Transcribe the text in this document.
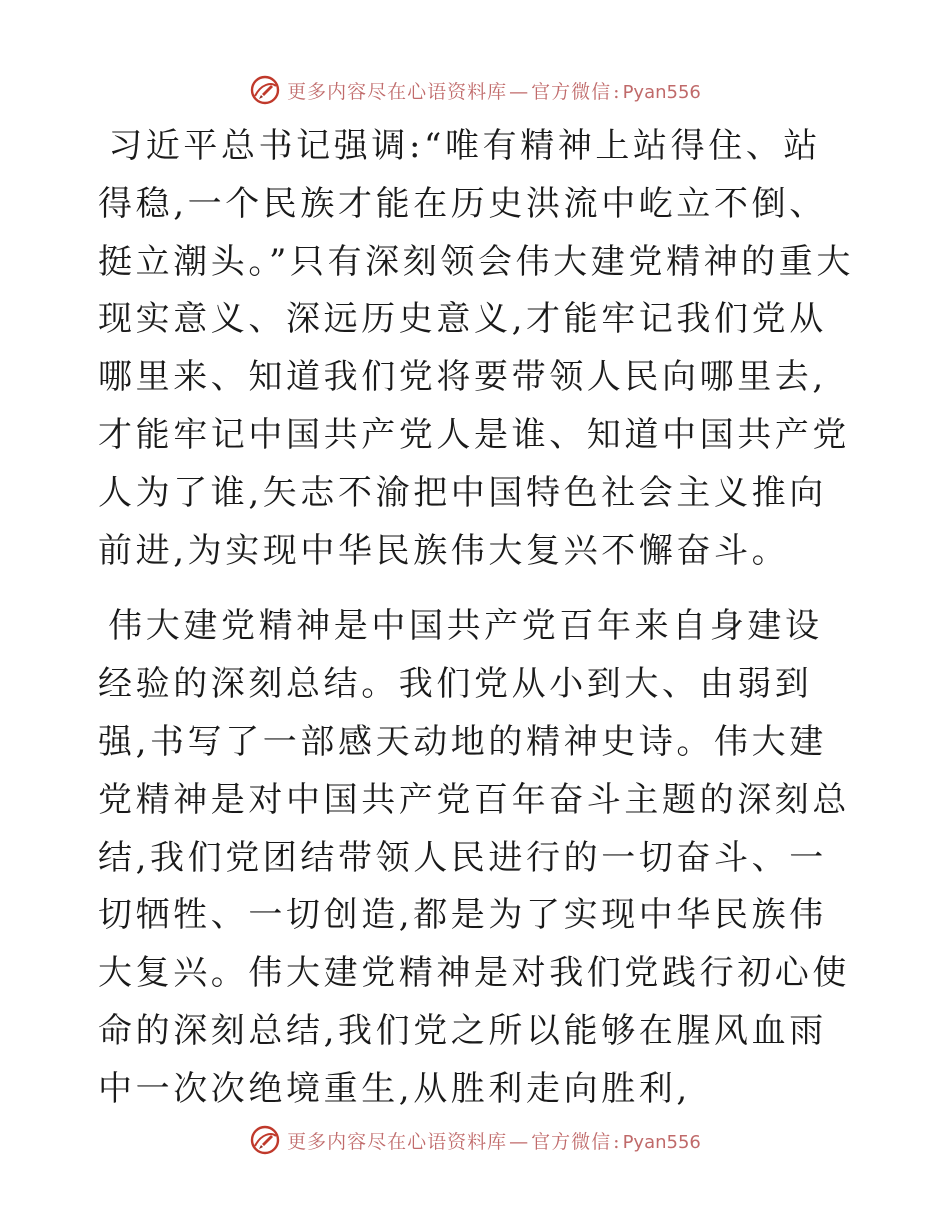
更多内容尽在心语资料库 — 官方微信 : Pyan556

习近平总书记强调:“唯有精神上站得住、站得稳,一个民族才能在历史洪流中屹立不倒、挺立潮头。”只有深刻领会伟大建党精神的重大现实意义、深远历史意义,才能牢记我们党从哪里来、知道我们党将要带领人民向哪里去,才能牢记中国共产党人是谁、知道中国共产党人为了谁,矢志不渝把中国特色社会主义推向前进,为实现中华民族伟大复兴不懈奋斗。

伟大建党精神是中国共产党百年来自身建设经验的深刻总结。我们党从小到大、由弱到强,书写了一部感天动地的精神史诗。伟大建党精神是对中国共产党百年奋斗主题的深刻总结,我们党团结带领人民进行的一切奋斗、一切牺牲、一切创造,都是为了实现中华民族伟大复兴。伟大建党精神是对我们党践行初心使命的深刻总结,我们党之所以能够在腥风血雨中一次次绝境重生,从胜利走向胜利,

更多内容尽在心语资料库 — 官方微信 : Pyan556
